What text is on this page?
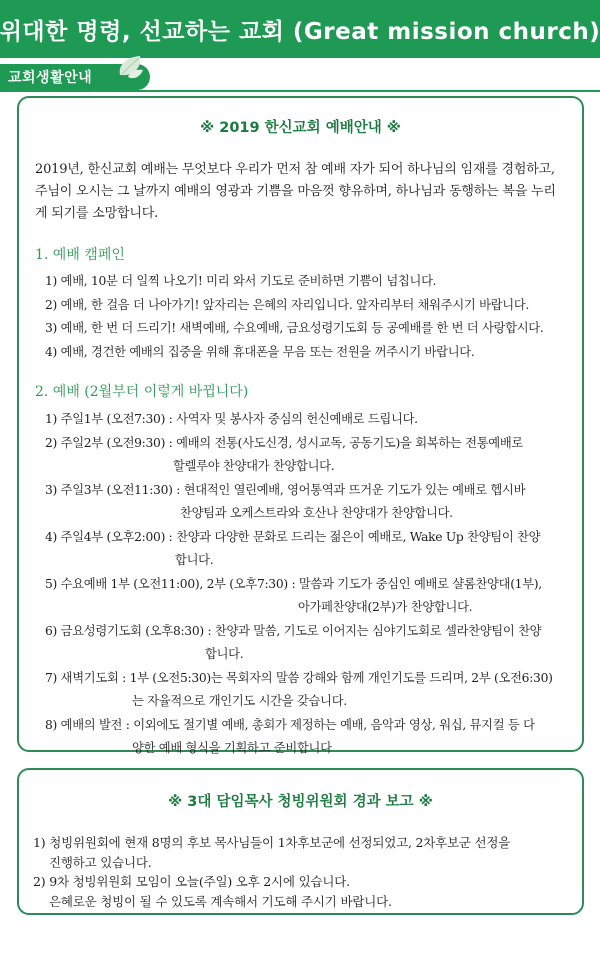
위대한 명령, 선교하는 교회 (Great mission church)
교회생활안내
※ 2019 한신교회 예배안내 ※

2019년, 한신교회 예배는 무엇보다 우리가 먼저 참 예배 자가 되어 하나님의 임재를 경험하고, 주님이 오시는 그 날까지 예배의 영광과 기쁨을 마음껏 향유하며, 하나님과 동행하는 복을 누리게 되기를 소망합니다.

1. 예배 캠페인
1) 예배, 10분 더 일찍 나오기! 미리 와서 기도로 준비하면 기쁨이 넘칩니다.
2) 예배, 한 걸음 더 나아가기! 앞자리는 은혜의 자리입니다. 앞자리부터 채워주시기 바랍니다.
3) 예배, 한 번 더 드리기! 새벽예배, 수요예배, 금요성령기도회 등 공예배를 한 번 더 사랑합시다.
4) 예배, 경건한 예배의 집중을 위해 휴대폰을 무음 또는 전원을 꺼주시기 바랍니다.
2. 예배 (2월부터 이렇게 바뀝니다)
1) 주일1부 (오전7:30) : 사역자 및 봉사자 중심의 헌신예배로 드립니다.
2) 주일2부 (오전9:30) : 예배의 전통(사도신경, 성시교독, 공동기도)을 회복하는 전통예배로
할렐루야 찬양대가 찬양합니다.
3) 주일3부 (오전11:30) : 현대적인 열린예배, 영어통역과 뜨거운 기도가 있는 예배로 헵시바
찬양팀과 오케스트라와 호산나 찬양대가 찬양합니다.
4) 주일4부 (오후2:00) : 찬양과 다양한 문화로 드리는 젊은이 예배로, Wake Up 찬양팀이 찬양
합니다.
5) 수요예배 1부 (오전11:00), 2부 (오후7:30) : 말씀과 기도가 중심인 예배로 샬롬찬양대(1부),
아가페찬양대(2부)가 찬양합니다.
6) 금요성령기도회 (오후8:30) : 찬양과 말씀, 기도로 이어지는 심야기도회로 셀라찬양팀이 찬양
합니다.
7) 새벽기도회 : 1부 (오전5:30)는 목회자의 말씀 강해와 함께 개인기도를 드리며, 2부 (오전6:30)
는 자율적으로 개인기도 시간을 갖습니다.
8) 예배의 발전 : 이외에도 절기별 예배, 총회가 제정하는 예배, 음악과 영상, 워십, 뮤지컬 등 다
양한 예배 형식을 기획하고 준비합니다
※ 3대 담임목사 청빙위원회 경과 보고 ※
1) 청빙위원회에 현재 8명의 후보 목사님들이 1차후보군에 선정되었고, 2차후보군 선정을
진행하고 있습니다.
2) 9차 청빙위원회 모임이 오늘(주일) 오후 2시에 있습니다.
은혜로운 청빙이 될 수 있도록 계속해서 기도해 주시기 바랍니다.
